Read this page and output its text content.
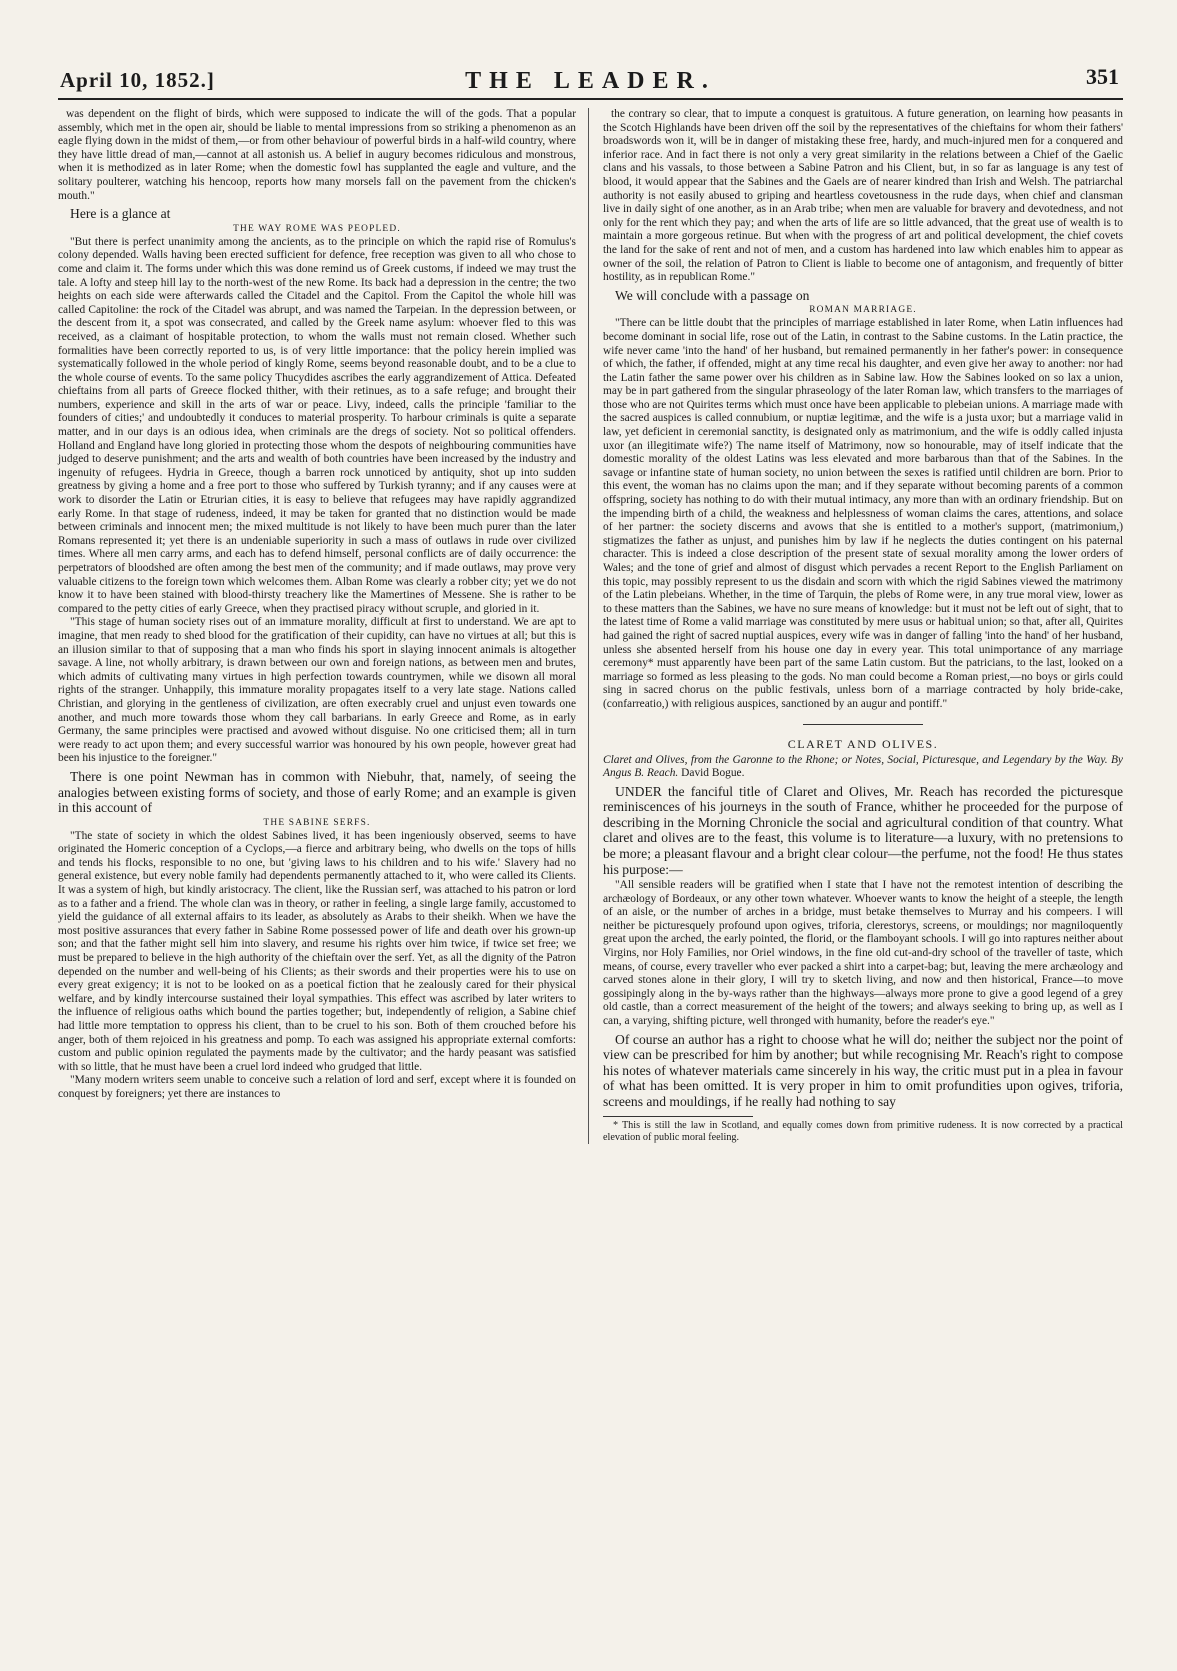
April 10, 1852.]	THE LEADER.	351

was dependent on the flight of birds, which were supposed to indicate the will of the gods. That a popular assembly, which met in the open air, should be liable to mental impressions from so striking a phenomenon as an eagle flying down in the midst of them,—or from other behaviour of powerful birds in a half-wild country, where they have little dread of man,—cannot at all astonish us. A belief in augury becomes ridiculous and monstrous, when it is methodized as in later Rome; when the domestic fowl has supplanted the eagle and vulture, and the solitary poulterer, watching his hencoop, reports how many morsels fall on the pavement from the chicken's mouth."

Here is a glance at

THE WAY ROME WAS PEOPLED.

"But there is perfect unanimity among the ancients, as to the principle on which the rapid rise of Romulus's colony depended. Walls having been erected sufficient for defence, free reception was given to all who chose to come and claim it. The forms under which this was done remind us of Greek customs, if indeed we may trust the tale. A lofty and steep hill lay to the north-west of the new Rome. Its back had a depression in the centre; the two heights on each side were afterwards called the Citadel and the Capitol. From the Capitol the whole hill was called Capitoline: the rock of the Citadel was abrupt, and was named the Tarpeian. In the depression between, or the descent from it, a spot was consecrated, and called by the Greek name asylum: whoever fled to this was received, as a claimant of hospitable protection, to whom the walls must not remain closed. Whether such formalities have been correctly reported to us, is of very little importance: that the policy herein implied was systematically followed in the whole period of kingly Rome, seems beyond reasonable doubt, and to be a clue to the whole course of events. To the same policy Thucydides ascribes the early aggrandizement of Attica. Defeated chieftains from all parts of Greece flocked thither, with their retinues, as to a safe refuge; and brought their numbers, experience and skill in the arts of war or peace. Livy, indeed, calls the principle 'familiar to the founders of cities;' and undoubtedly it conduces to material prosperity. To harbour criminals is quite a separate matter, and in our days is an odious idea, when criminals are the dregs of society. Not so political offenders. Holland and England have long gloried in protecting those whom the despots of neighbouring communities have judged to deserve punishment; and the arts and wealth of both countries have been increased by the industry and ingenuity of refugees. Hydria in Greece, though a barren rock unnoticed by antiquity, shot up into sudden greatness by giving a home and a free port to those who suffered by Turkish tyranny; and if any causes were at work to disorder the Latin or Etrurian cities, it is easy to believe that refugees may have rapidly aggrandized early Rome. In that stage of rudeness, indeed, it may be taken for granted that no distinction would be made between criminals and innocent men; the mixed multitude is not likely to have been much purer than the later Romans represented it; yet there is an undeniable superiority in such a mass of outlaws in rude over civilized times. Where all men carry arms, and each has to defend himself, personal conflicts are of daily occurrence: the perpetrators of bloodshed are often among the best men of the community; and if made outlaws, may prove very valuable citizens to the foreign town which welcomes them. Alban Rome was clearly a robber city; yet we do not know it to have been stained with blood-thirsty treachery like the Mamertines of Messene. She is rather to be compared to the petty cities of early Greece, when they practised piracy without scruple, and gloried in it.

"This stage of human society rises out of an immature morality, difficult at first to understand. We are apt to imagine, that men ready to shed blood for the gratification of their cupidity, can have no virtues at all; but this is an illusion similar to that of supposing that a man who finds his sport in slaying innocent animals is altogether savage. A line, not wholly arbitrary, is drawn between our own and foreign nations, as between men and brutes, which admits of cultivating many virtues in high perfection towards countrymen, while we disown all moral rights of the stranger. Unhappily, this immature morality propagates itself to a very late stage. Nations called Christian, and glorying in the gentleness of civilization, are often execrably cruel and unjust even towards one another, and much more towards those whom they call barbarians. In early Greece and Rome, as in early Germany, the same principles were practised and avowed without disguise. No one criticised them; all in turn were ready to act upon them; and every successful warrior was honoured by his own people, however great had been his injustice to the foreigner."

There is one point Newman has in common with Niebuhr, that, namely, of seeing the analogies between existing forms of society, and those of early Rome; and an example is given in this account of

THE SABINE SERFS.

"The state of society in which the oldest Sabines lived, it has been ingeniously observed, seems to have originated the Homeric conception of a Cyclops,—a fierce and arbitrary being, who dwells on the tops of hills and tends his flocks, responsible to no one, but 'giving laws to his children and to his wife.' Slavery had no general existence, but every noble family had dependents permanently attached to it, who were called its Clients. It was a system of high, but kindly aristocracy. The client, like the Russian serf, was attached to his patron or lord as to a father and a friend. The whole clan was in theory, or rather in feeling, a single large family, accustomed to yield the guidance of all external affairs to its leader, as absolutely as Arabs to their sheikh. When we have the most positive assurances that every father in Sabine Rome possessed power of life and death over his grown-up son; and that the father might sell him into slavery, and resume his rights over him twice, if twice set free; we must be prepared to believe in the high authority of the chieftain over the serf. Yet, as all the dignity of the Patron depended on the number and well-being of his Clients; as their swords and their properties were his to use on every great exigency; it is not to be looked on as a poetical fiction that he zealously cared for their physical welfare, and by kindly intercourse sustained their loyal sympathies. This effect was ascribed by later writers to the influence of religious oaths which bound the parties together; but, independently of religion, a Sabine chief had little more temptation to oppress his client, than to be cruel to his son. Both of them crouched before his anger, both of them rejoiced in his greatness and pomp. To each was assigned his appropriate external comforts: custom and public opinion regulated the payments made by the cultivator; and the hardy peasant was satisfied with so little, that he must have been a cruel lord indeed who grudged that little.

"Many modern writers seem unable to conceive such a relation of lord and serf, except where it is founded on conquest by foreigners; yet there are instances to

the contrary so clear, that to impute a conquest is gratuitous. A future generation, on learning how peasants in the Scotch Highlands have been driven off the soil by the representatives of the chieftains for whom their fathers' broadswords won it, will be in danger of mistaking these free, hardy, and much-injured men for a conquered and inferior race. And in fact there is not only a very great similarity in the relations between a Chief of the Gaelic clans and his vassals, to those between a Sabine Patron and his Client, but, in so far as language is any test of blood, it would appear that the Sabines and the Gaels are of nearer kindred than Irish and Welsh. The patriarchal authority is not easily abused to griping and heartless covetousness in the rude days, when chief and clansman live in daily sight of one another, as in an Arab tribe; when men are valuable for bravery and devotedness, and not only for the rent which they pay; and when the arts of life are so little advanced, that the great use of wealth is to maintain a more gorgeous retinue. But when with the progress of art and political development, the chief covets the land for the sake of rent and not of men, and a custom has hardened into law which enables him to appear as owner of the soil, the relation of Patron to Client is liable to become one of antagonism, and frequently of bitter hostility, as in republican Rome."

We will conclude with a passage on

ROMAN MARRIAGE.

"There can be little doubt that the principles of marriage established in later Rome, when Latin influences had become dominant in social life, rose out of the Latin, in contrast to the Sabine customs. In the Latin practice, the wife never came 'into the hand' of her husband, but remained permanently in her father's power: in consequence of which, the father, if offended, might at any time recal his daughter, and even give her away to another: nor had the Latin father the same power over his children as in Sabine law. How the Sabines looked on so lax a union, may be in part gathered from the singular phraseology of the later Roman law, which transfers to the marriages of those who are not Quirites terms which must once have been applicable to plebeian unions. A marriage made with the sacred auspices is called connubium, or nuptiæ legitimæ, and the wife is a justa uxor; but a marriage valid in law, yet deficient in ceremonial sanctity, is designated only as matrimonium, and the wife is oddly called injusta uxor (an illegitimate wife?) The name itself of Matrimony, now so honourable, may of itself indicate that the domestic morality of the oldest Latins was less elevated and more barbarous than that of the Sabines. In the savage or infantine state of human society, no union between the sexes is ratified until children are born. Prior to this event, the woman has no claims upon the man; and if they separate without becoming parents of a common offspring, society has nothing to do with their mutual intimacy, any more than with an ordinary friendship. But on the impending birth of a child, the weakness and helplessness of woman claims the cares, attentions, and solace of her partner: the society discerns and avows that she is entitled to a mother's support, (matrimonium,) stigmatizes the father as unjust, and punishes him by law if he neglects the duties contingent on his paternal character. This is indeed a close description of the present state of sexual morality among the lower orders of Wales; and the tone of grief and almost of disgust which pervades a recent Report to the English Parliament on this topic, may possibly represent to us the disdain and scorn with which the rigid Sabines viewed the matrimony of the Latin plebeians. Whether, in the time of Tarquin, the plebs of Rome were, in any true moral view, lower as to these matters than the Sabines, we have no sure means of knowledge: but it must not be left out of sight, that to the latest time of Rome a valid marriage was constituted by mere usus or habitual union; so that, after all, Quirites had gained the right of sacred nuptial auspices, every wife was in danger of falling 'into the hand' of her husband, unless she absented herself from his house one day in every year. This total unimportance of any marriage ceremony* must apparently have been part of the same Latin custom. But the patricians, to the last, looked on a marriage so formed as less pleasing to the gods. No man could become a Roman priest,—no boys or girls could sing in sacred chorus on the public festivals, unless born of a marriage contracted by holy bride-cake, (confarreatio,) with religious auspices, sanctioned by an augur and pontiff."

CLARET AND OLIVES.

Claret and Olives, from the Garonne to the Rhone; or Notes, Social, Picturesque, and Legendary by the Way. By Angus B. Reach. David Bogue.

UNDER the fanciful title of Claret and Olives, Mr. Reach has recorded the picturesque reminiscences of his journeys in the south of France, whither he proceeded for the purpose of describing in the Morning Chronicle the social and agricultural condition of that country. What claret and olives are to the feast, this volume is to literature—a luxury, with no pretensions to be more; a pleasant flavour and a bright clear colour—the perfume, not the food! He thus states his purpose:—

"All sensible readers will be gratified when I state that I have not the remotest intention of describing the archæology of Bordeaux, or any other town whatever. Whoever wants to know the height of a steeple, the length of an aisle, or the number of arches in a bridge, must betake themselves to Murray and his compeers. I will neither be picturesquely profound upon ogives, triforia, clerestorys, screens, or mouldings; nor magniloquently great upon the arched, the early pointed, the florid, or the flamboyant schools. I will go into raptures neither about Virgins, nor Holy Families, nor Oriel windows, in the fine old cut-and-dry school of the traveller of taste, which means, of course, every traveller who ever packed a shirt into a carpet-bag; but, leaving the mere archæology and carved stones alone in their glory, I will try to sketch living, and now and then historical, France—to move gossipingly along in the by-ways rather than the highways—always more prone to give a good legend of a grey old castle, than a correct measurement of the height of the towers; and always seeking to bring up, as well as I can, a varying, shifting picture, well thronged with humanity, before the reader's eye."

Of course an author has a right to choose what he will do; neither the subject nor the point of view can be prescribed for him by another; but while recognising Mr. Reach's right to compose his notes of whatever materials came sincerely in his way, the critic must put in a plea in favour of what has been omitted. It is very proper in him to omit profundities upon ogives, triforia, screens and mouldings, if he really had nothing to say

* This is still the law in Scotland, and equally comes down from primitive rudeness. It is now corrected by a practical elevation of public moral feeling.
